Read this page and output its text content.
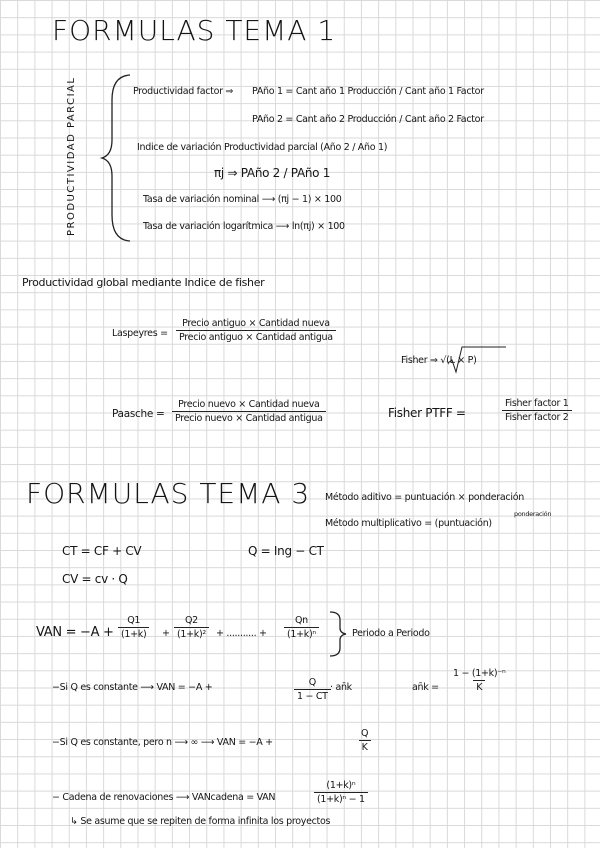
FORMULAS TEMA 1
PRODUCTIVIDAD PARCIAL	Productividad factor ⇒ PAño 1 = Cant año 1 Producción / Cant año 1 Factor
PAño 2 = Cant año 2 Producción / Cant año 2 Factor
Indice de variación Productividad parcial (Año 2 / Año 1)
πj ⇒ PAño 2 / PAño 1
Tasa de variación nominal ⟶ (πj − 1) × 100
Tasa de variación logarítmica ⟶ ln(πj) × 100
Productividad global mediante Indice de fisher
Laspeyres =
Precio antiguo × Cantidad nueva
Precio antiguo × Cantidad antigua
Fisher ⇒ √(L × P)
Paasche =
Precio nuevo × Cantidad nueva
Precio nuevo × Cantidad antigua	Fisher PTFF =
Fisher factor 1
Fisher factor 2
FORMULAS TEMA 3 Método aditivo = puntuación × ponderación
Método multiplicativo = (puntuación)
ponderación
CT = CF + CV	Q = Ing − CT
CV = cv · Q
VAN = $-A + \frac{Q1}{(1+k)} + \frac{Q2}{\text{(1+k)²}}$ + ........... + $\frac{Qn}{\text{(1+k)ⁿ}}$	Periodo a Periodo
−Si Q es constante ⟶ VAN = −A +	$\frac{Q}{1 - CT}$ · an̄k	an̄k = $\frac{\text{1 − (1+k)⁻ⁿ}}{K}$
−Si Q es constante, pero n ⟶ ∞ ⟶ VAN = −A +	$\frac{Q}{K}$
− Cadena de renovaciones ⟶ VANcadena = VAN	$\frac{\text{(1+k)ⁿ}}{\text{(1+k)ⁿ − 1}}$
↳ Se asume que se repiten de forma infinita los proyectos
